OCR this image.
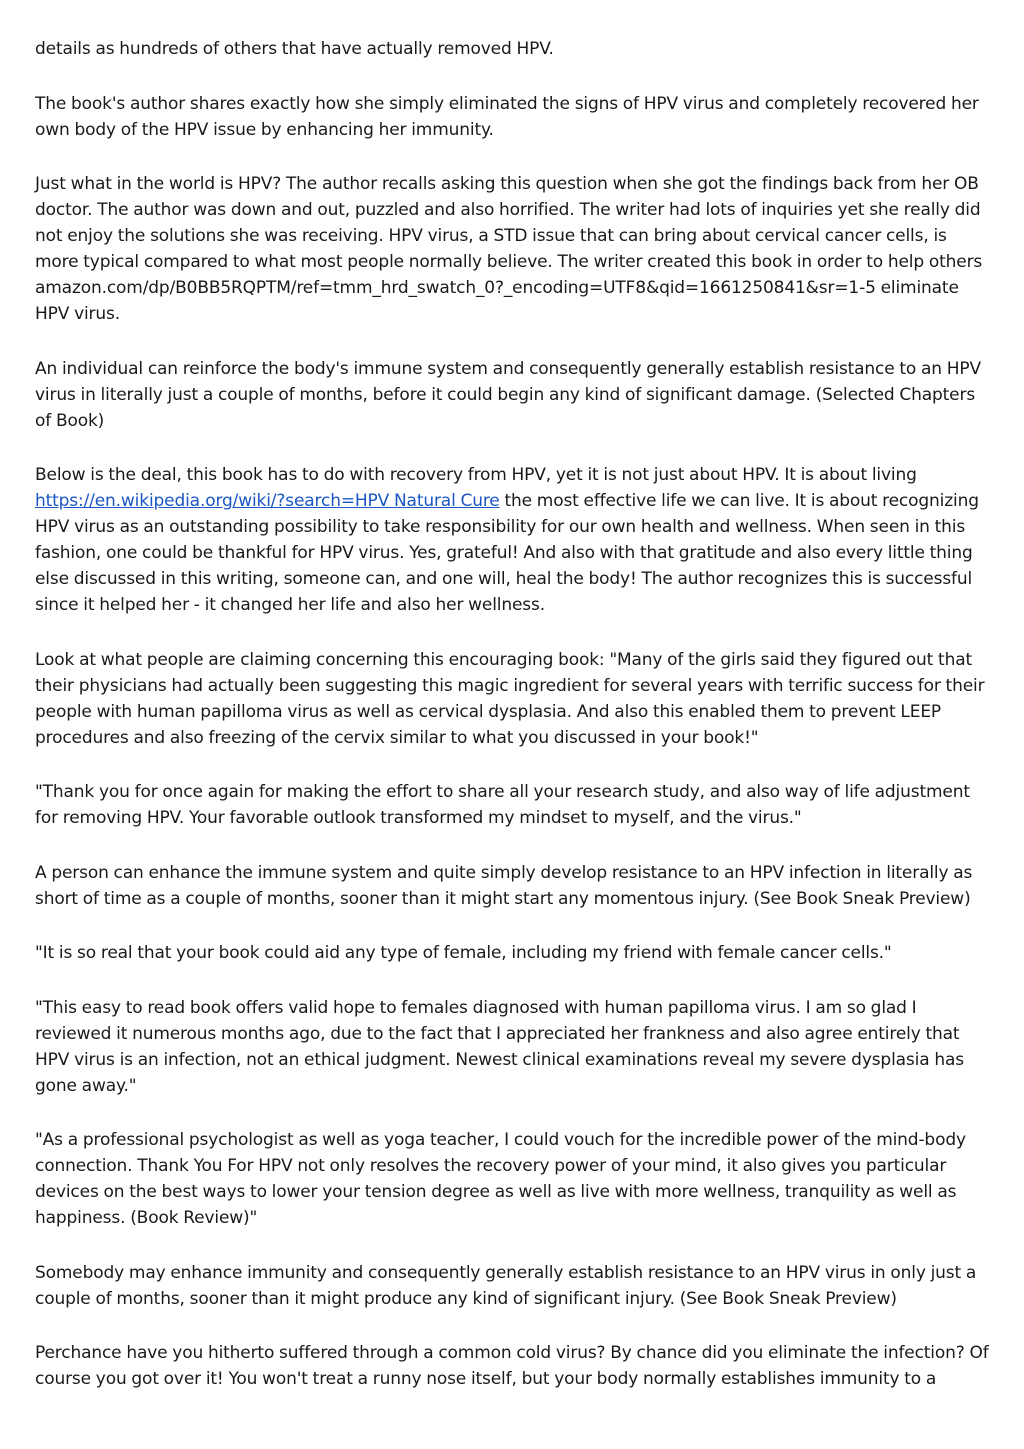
details as hundreds of others that have actually removed HPV.

The book's author shares exactly how she simply eliminated the signs of HPV virus and completely recovered her own body of the HPV issue by enhancing her immunity.

Just what in the world is HPV? The author recalls asking this question when she got the findings back from her OB doctor. The author was down and out, puzzled and also horrified. The writer had lots of inquiries yet she really did not enjoy the solutions she was receiving. HPV virus, a STD issue that can bring about cervical cancer cells, is more typical compared to what most people normally believe. The writer created this book in order to help others amazon.com/dp/B0BB5RQPTM/ref=tmm_hrd_swatch_0?_encoding=UTF8&qid=1661250841&sr=1-5 eliminate HPV virus.

An individual can reinforce the body's immune system and consequently generally establish resistance to an HPV virus in literally just a couple of months, before it could begin any kind of significant damage. (Selected Chapters of Book)

Below is the deal, this book has to do with recovery from HPV, yet it is not just about HPV. It is about living https://en.wikipedia.org/wiki/?search=HPV Natural Cure the most effective life we can live. It is about recognizing HPV virus as an outstanding possibility to take responsibility for our own health and wellness. When seen in this fashion, one could be thankful for HPV virus. Yes, grateful! And also with that gratitude and also every little thing else discussed in this writing, someone can, and one will, heal the body! The author recognizes this is successful since it helped her - it changed her life and also her wellness.

Look at what people are claiming concerning this encouraging book: "Many of the girls said they figured out that their physicians had actually been suggesting this magic ingredient for several years with terrific success for their people with human papilloma virus as well as cervical dysplasia. And also this enabled them to prevent LEEP procedures and also freezing of the cervix similar to what you discussed in your book!"

"Thank you for once again for making the effort to share all your research study, and also way of life adjustment for removing HPV. Your favorable outlook transformed my mindset to myself, and the virus."

A person can enhance the immune system and quite simply develop resistance to an HPV infection in literally as short of time as a couple of months, sooner than it might start any momentous injury. (See Book Sneak Preview)

"It is so real that your book could aid any type of female, including my friend with female cancer cells."

"This easy to read book offers valid hope to females diagnosed with human papilloma virus. I am so glad I reviewed it numerous months ago, due to the fact that I appreciated her frankness and also agree entirely that HPV virus is an infection, not an ethical judgment. Newest clinical examinations reveal my severe dysplasia has gone away."

"As a professional psychologist as well as yoga teacher, I could vouch for the incredible power of the mind-body connection. Thank You For HPV not only resolves the recovery power of your mind, it also gives you particular devices on the best ways to lower your tension degree as well as live with more wellness, tranquility as well as happiness. (Book Review)"

Somebody may enhance immunity and consequently generally establish resistance to an HPV virus in only just a couple of months, sooner than it might produce any kind of significant injury. (See Book Sneak Preview)

Perchance have you hitherto suffered through a common cold virus? By chance did you eliminate the infection? Of course you got over it! You won't treat a runny nose itself, but your body normally establishes immunity to a
